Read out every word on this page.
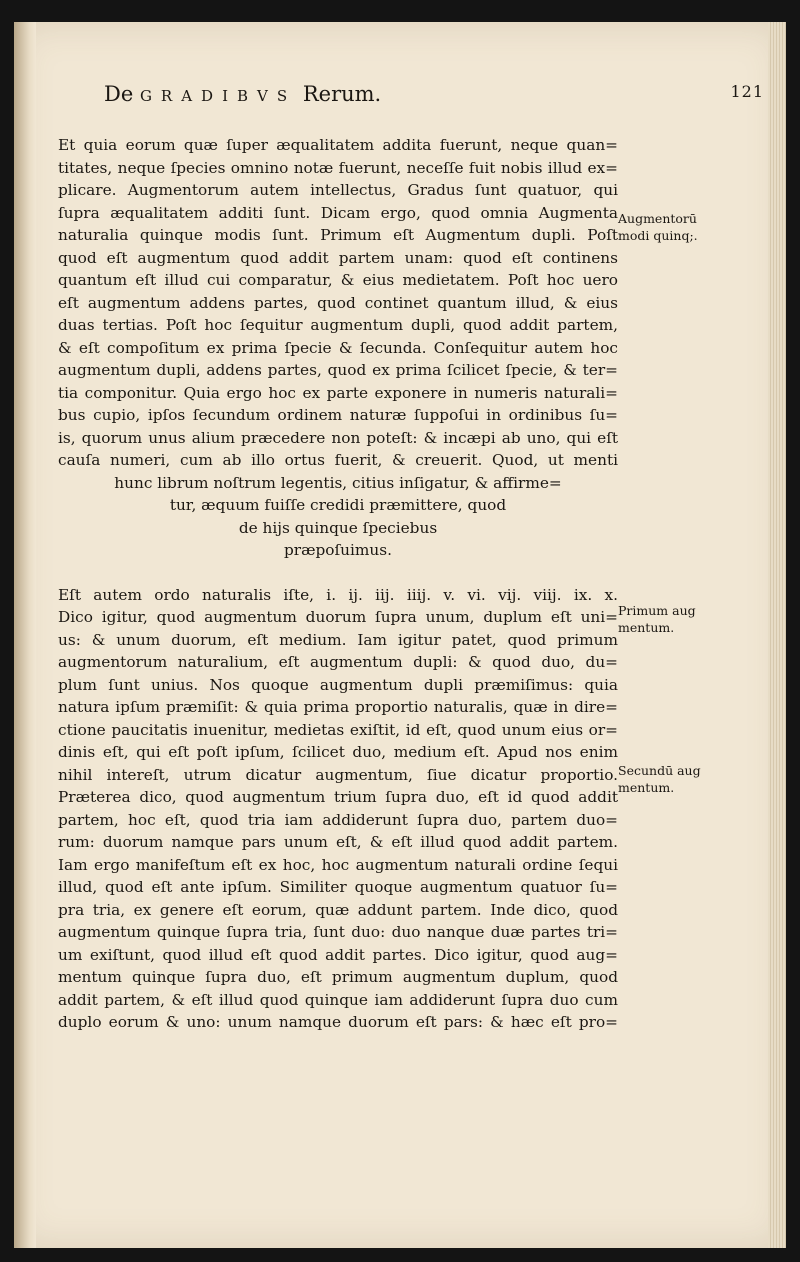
De GRADIBVS Rerum.	121
Et quia eorum quæ ſuper æqualitatem addita fuerunt, neque quan=
titates, neque ſpecies omnino notæ fuerunt, neceſſe fuit nobis illud ex=
plicare. Augmentorum autem intellectus, Gradus ſunt quatuor, qui
ſupra æqualitatem additi ſunt. Dicam ergo, quod omnia Augmenta
naturalia quinque modis ſunt. Primum eſt Augmentum dupli. Poſt
quod eſt augmentum quod addit partem unam: quod eſt continens
quantum eſt illud cui comparatur, & eius medietatem. Poſt hoc uero
eſt augmentum addens partes, quod continet quantum illud, & eius
duas tertias. Poſt hoc ſequitur augmentum dupli, quod addit partem,
& eſt compoſitum ex prima ſpecie & ſecunda. Conſequitur autem hoc
augmentum dupli, addens partes, quod ex prima ſcilicet ſpecie, & ter=
tia componitur. Quia ergo hoc ex parte exponere in numeris naturali=
bus cupio, ipſos ſecundum ordinem naturæ ſuppoſui in ordinibus ſu=
is, quorum unus alium præcedere non poteſt: & incæpi ab uno, qui eſt
cauſa numeri, cum ab illo ortus fuerit, & creuerit. Quod, ut menti
hunc librum noſtrum legentis, citius inſigatur, & affirme=
tur, æquum fuiſſe credidi præmittere, quod
de hijs quinque ſpeciebus
præpoſuimus.
Eſt autem ordo naturalis iſte, i. ij. iij. iiij. v. vi. vij. viij. ix. x.
Dico igitur, quod augmentum duorum ſupra unum, duplum eſt uni=
us: & unum duorum, eſt medium. Iam igitur patet, quod primum
augmentorum naturalium, eſt augmentum dupli: & quod duo, du=
plum ſunt unius. Nos quoque augmentum dupli præmiſimus: quia
natura ipſum præmiſit: & quia prima proportio naturalis, quæ in dire=
ctione paucitatis inuenitur, medietas exiſtit, id eſt, quod unum eius or=
dinis eſt, qui eſt poſt ipſum, ſcilicet duo, medium eſt. Apud nos enim
nihil intereſt, utrum dicatur augmentum, ſiue dicatur proportio.
Præterea dico, quod augmentum trium ſupra duo, eſt id quod addit
partem, hoc eſt, quod tria iam addiderunt ſupra duo, partem duo=
rum: duorum namque pars unum eſt, & eſt illud quod addit partem.
Iam ergo manifeſtum eſt ex hoc, hoc augmentum naturali ordine ſequi
illud, quod eſt ante ipſum. Similiter quoque augmentum quatuor ſu=
pra tria, ex genere eſt eorum, quæ addunt partem. Inde dico, quod
augmentum quinque ſupra tria, ſunt duo: duo nanque duæ partes tri=
um exiſtunt, quod illud eſt quod addit partes. Dico igitur, quod aug=
mentum quinque ſupra duo, eſt primum augmentum duplum, quod
addit partem, & eſt illud quod quinque iam addiderunt ſupra duo cum
duplo eorum & uno: unum namque duorum eſt pars: & hæc eſt pro=
Augmentorū
modi quinq;.
Primum aug
mentum.
Secundū aug
mentum.
